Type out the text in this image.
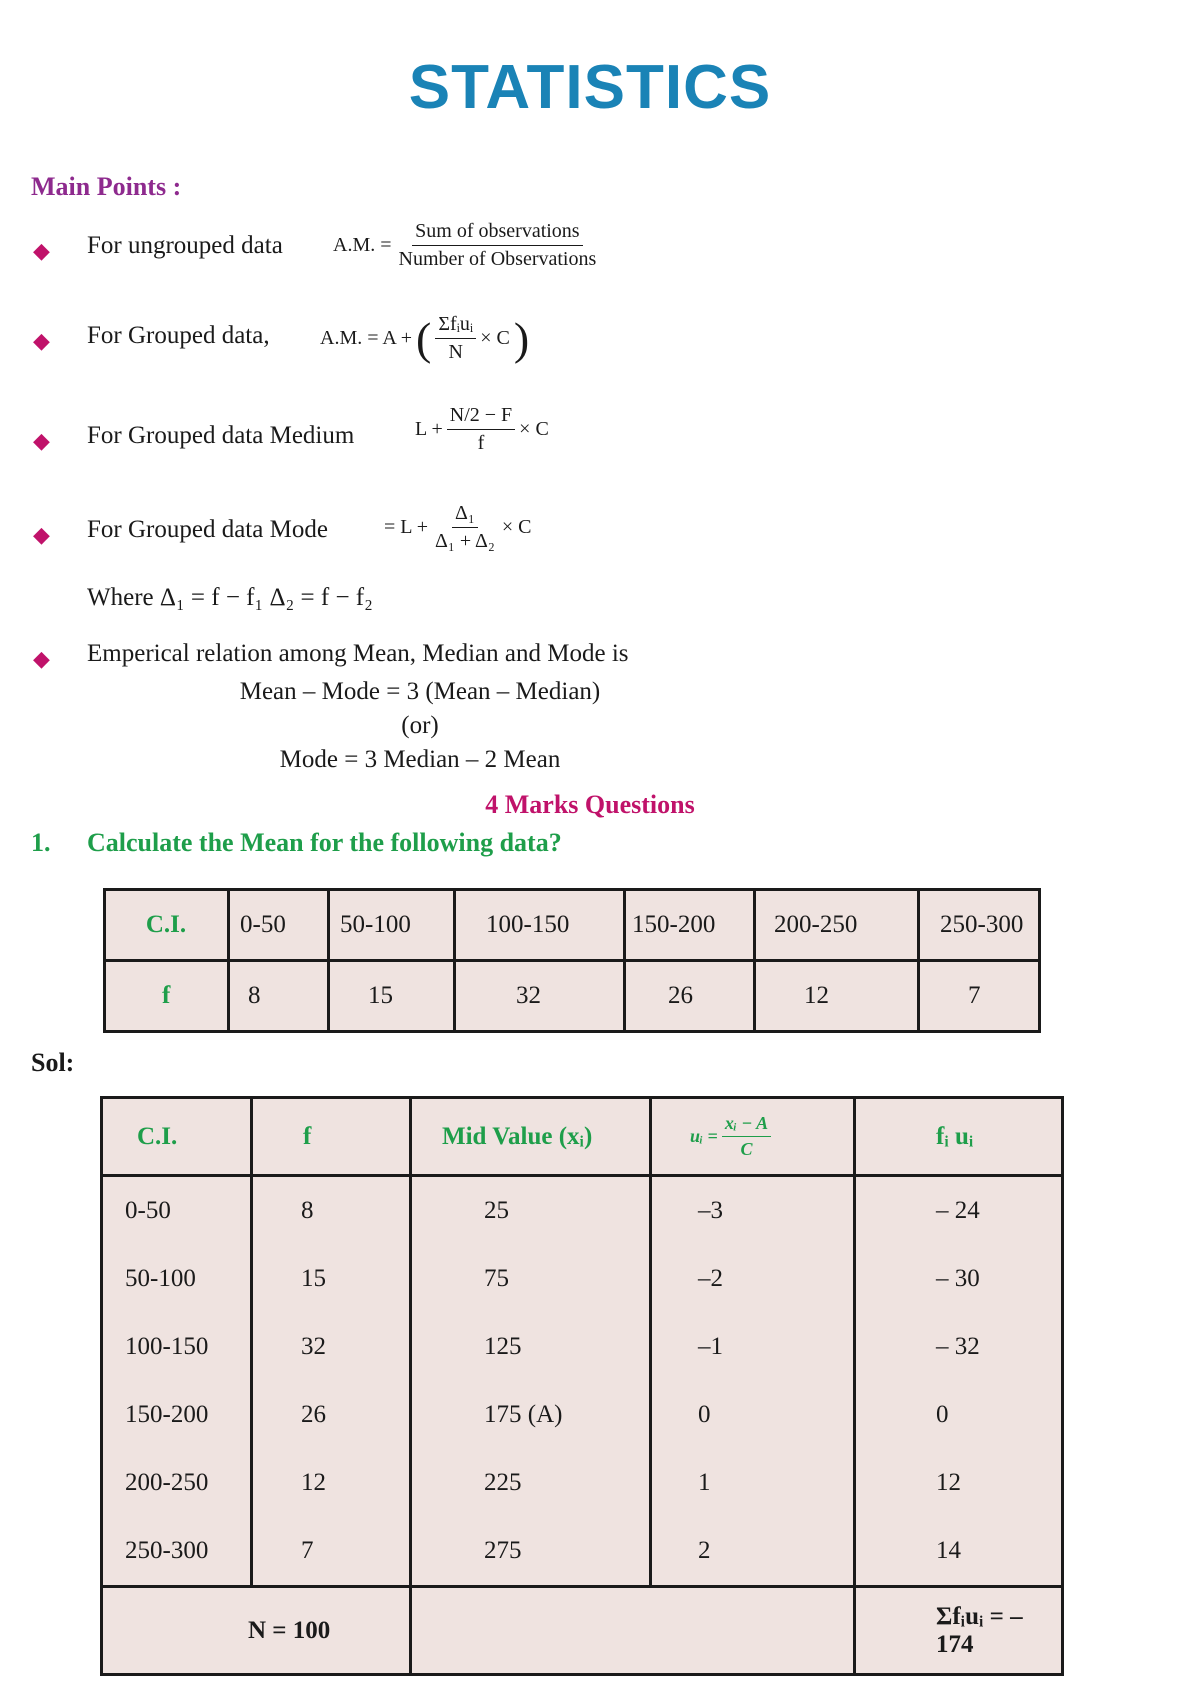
STATISTICS
Main Points :
◆ For ungrouped data	A.M. = $\frac{\text{Sum of observations}}{\text{Number of Observations}}$
◆ For Grouped data,	A.M. = A + ( $\frac{\text{Σfᵢuᵢ}}{N} \times C$ )
◆ For Grouped data Medium	$L + \frac{N/2 - F}{f} \times C$
◆ For Grouped data Mode	= $L + \frac{\text{Δ₁}}{\text{Δ₁ + Δ₂}} \times C$
Where Δ₁ = f − f₁ Δ₂ = f − f₂
◆ Emperical relation among Mean, Median and Mode is
Mean – Mode = 3 (Mean – Median)
(or)
Mode = 3 Median – 2 Mean
4 Marks Questions
1. Calculate the Mean for the following data?
C.I.	0-50	50-100	100-150	150-200	200-250	250-300
f	8	15	32	26	12	7
Sol:
C.I.	f	Mid Value (xᵢ)	uᵢ = $\frac{\text{xᵢ − A}}{C}$	fᵢ uᵢ
0-50	8	25	–3	– 24
50-100	15	75	–2	– 30
100-150	32	125	–1	– 32
150-200	26	175 (A)	0	0
200-250	12	225	1	12
250-300	7	275	2	14
N = 100				Σfᵢuᵢ = –174
